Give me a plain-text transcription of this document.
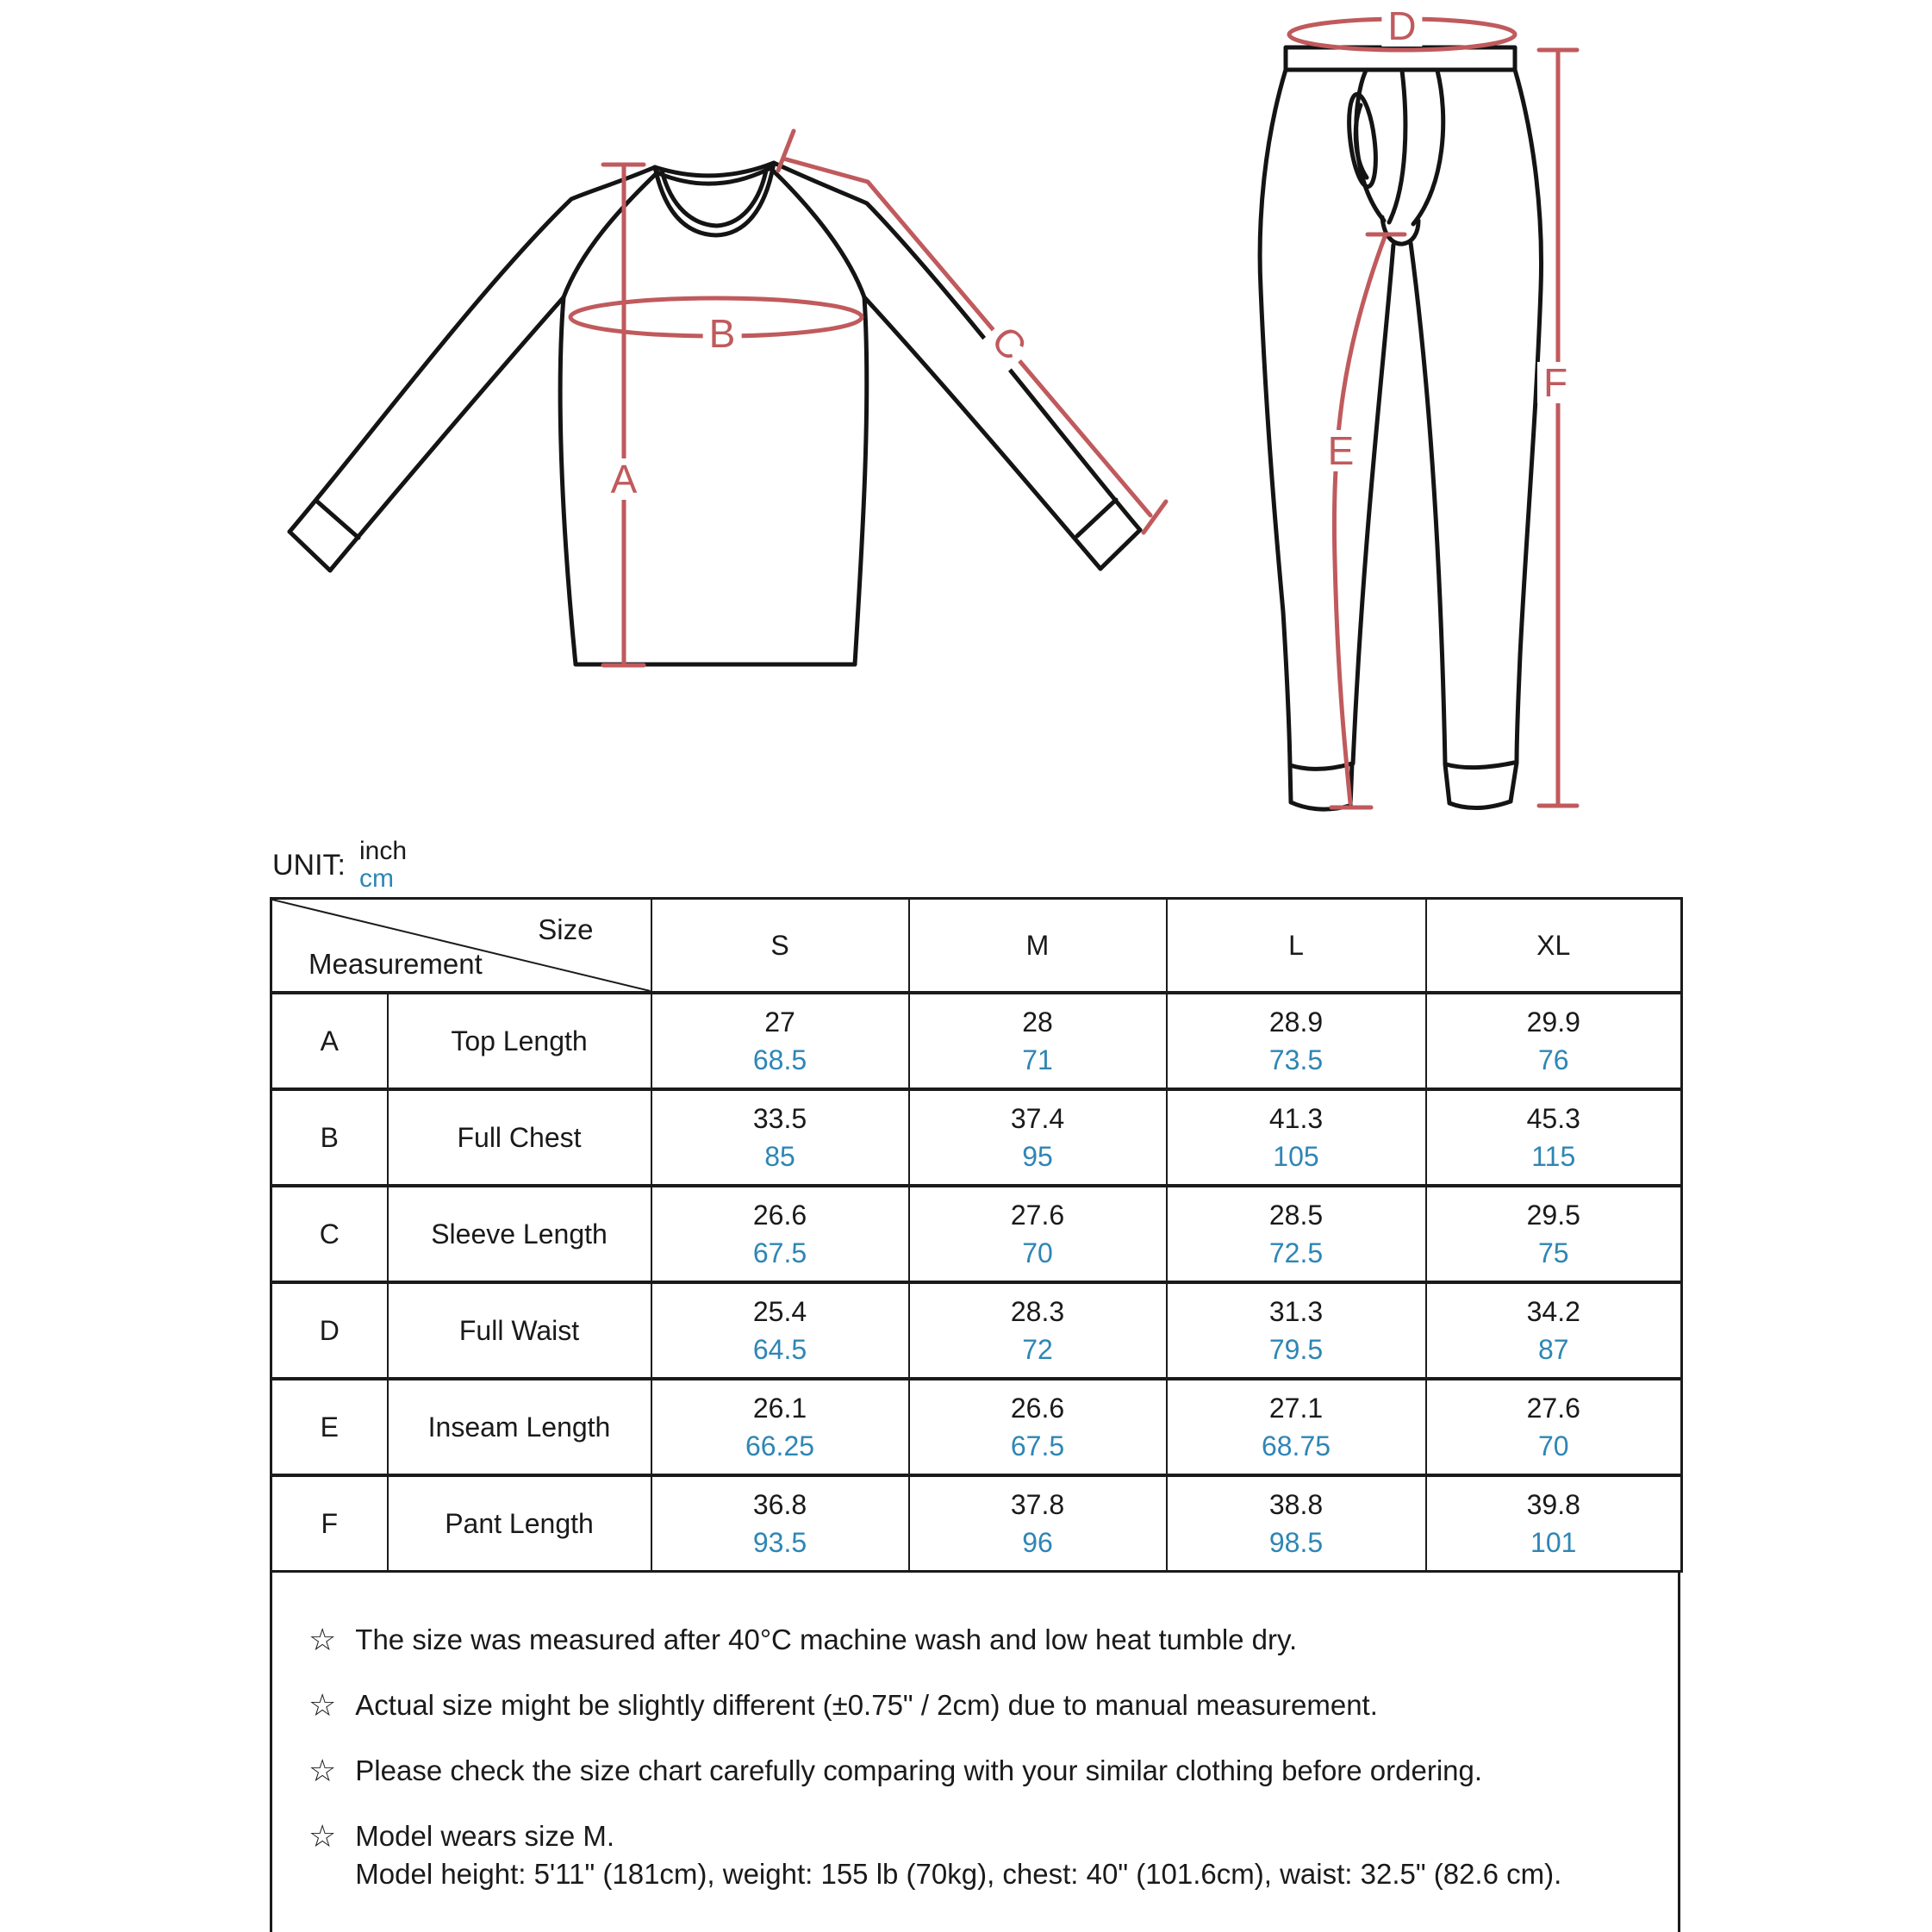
A
B	C
D
E
F
UNIT: inch
cm
Size
Measurement		S	M	L	XL
A	Top Length	
27
68.5

28
71

28.9
73.5

29.9
76

B	Full Chest	
33.5
85

37.4
95

41.3
105

45.3
115

C	Sleeve Length	
26.6
67.5

27.6
70

28.5
72.5

29.5
75

D	Full Waist	
25.4
64.5

28.3
72

31.3
79.5

34.2
87

E	Inseam Length	
26.1
66.25

26.6
67.5

27.1
68.75

27.6
70

F	Pant Length	
36.8
93.5

37.8
96

38.8
98.5

39.8
101
☆ The size was measured after 40°C machine wash and low heat tumble dry.
☆ Actual size might be slightly different (±0.75" / 2cm) due to manual measurement.
☆ Please check the size chart carefully comparing with your similar clothing before ordering.
☆ Model wears size M.
Model height: 5'11" (181cm), weight: 155 lb (70kg), chest: 40" (101.6cm), waist: 32.5" (82.6 cm).
